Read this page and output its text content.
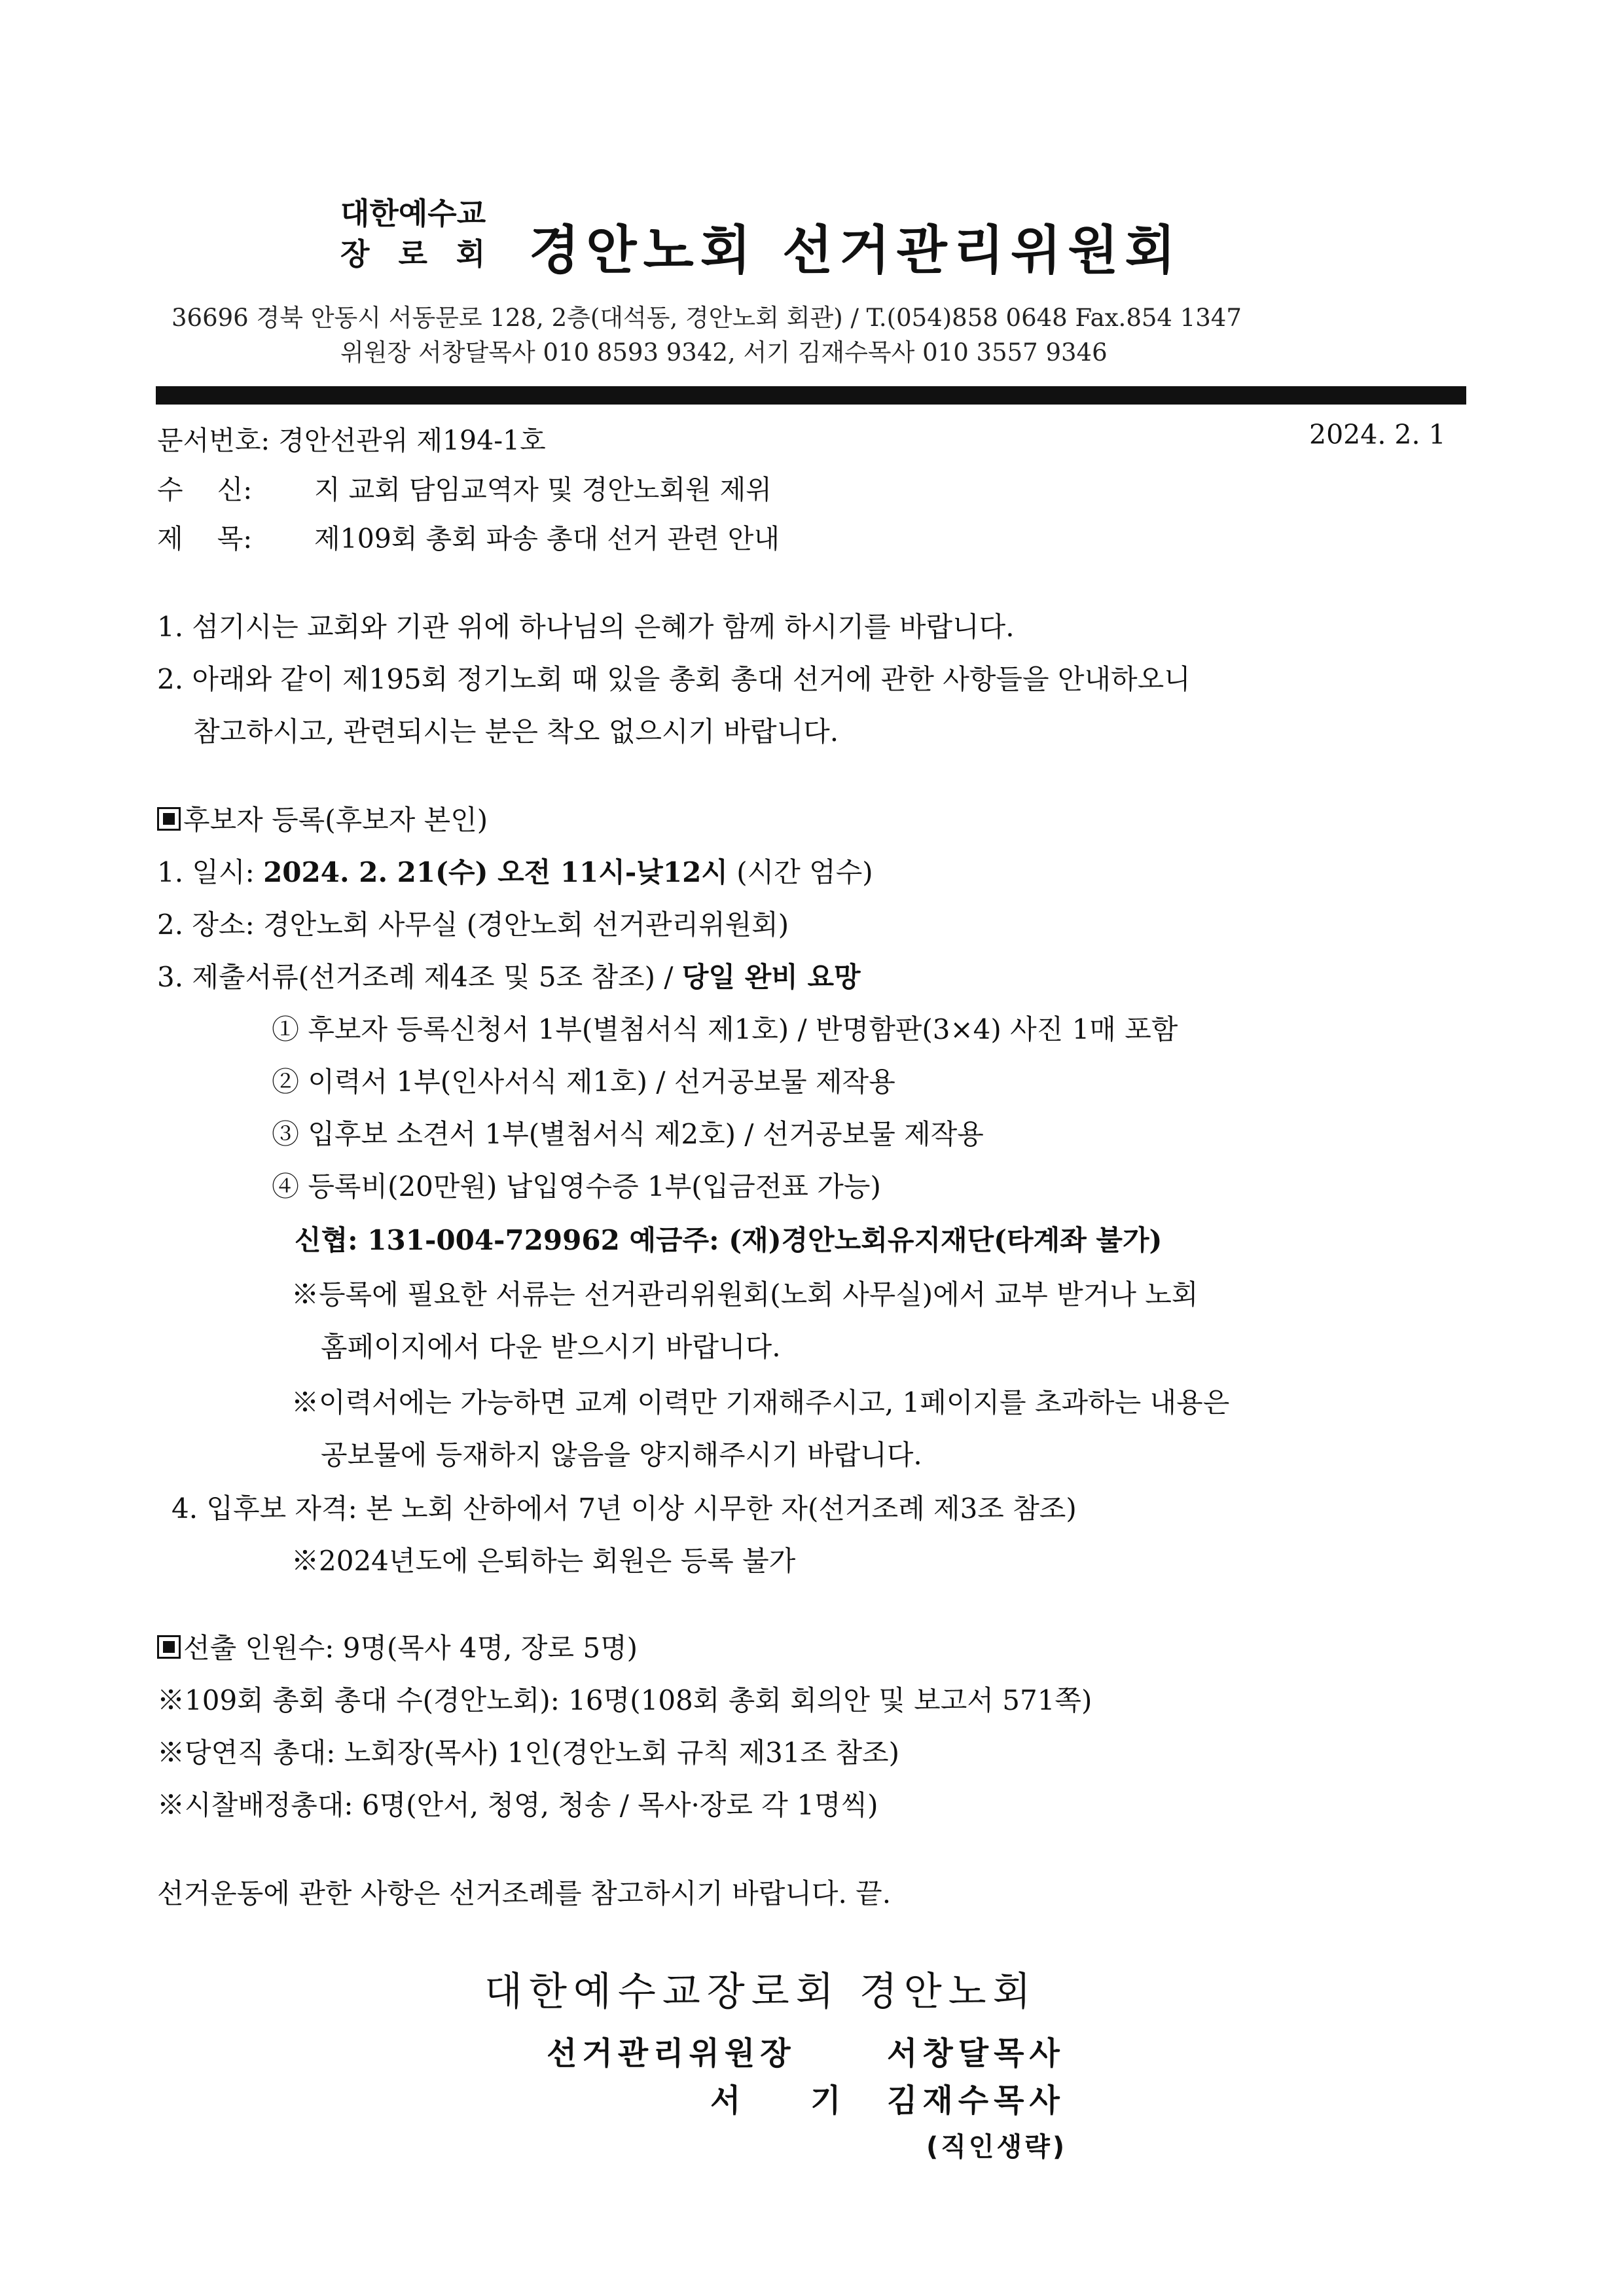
대한예수교
장 로 회 경안노회 선거관리위원회
36696 경북 안동시 서동문로 128, 2층(대석동, 경안노회 회관) / T.(054)858 0648 Fax.854 1347
위원장 서창달목사 010 8593 9342, 서기 김재수목사 010 3557 9346
문서번호: 경안선관위 제194-1호	2024. 2. 1
수    신: 지 교회 담임교역자 및 경안노회원 제위
제    목: 제109회 총회 파송 총대 선거 관련 안내
1. 섬기시는 교회와 기관 위에 하나님의 은혜가 함께 하시기를 바랍니다.
2. 아래와 같이 제195회 정기노회 때 있을 총회 총대 선거에 관한 사항들을 안내하오니
참고하시고, 관련되시는 분은 착오 없으시기 바랍니다.
후보자 등록(후보자 본인)
1. 일시: 2024. 2. 21(수) 오전 11시-낮12시 (시간 엄수)
2. 장소: 경안노회 사무실 (경안노회 선거관리위원회)
3. 제출서류(선거조례 제4조 및 5조 참조) / 당일 완비 요망
① 후보자 등록신청서 1부(별첨서식 제1호) / 반명함판(3×4) 사진 1매 포함
② 이력서 1부(인사서식 제1호) / 선거공보물 제작용
③ 입후보 소견서 1부(별첨서식 제2호) / 선거공보물 제작용
④ 등록비(20만원) 납입영수증 1부(입금전표 가능)
신협: 131-004-729962 예금주: (재)경안노회유지재단(타계좌 불가)
※등록에 필요한 서류는 선거관리위원회(노회 사무실)에서 교부 받거나 노회
홈페이지에서 다운 받으시기 바랍니다.
※이력서에는 가능하면 교계 이력만 기재해주시고, 1페이지를 초과하는 내용은
공보물에 등재하지 않음을 양지해주시기 바랍니다.
4. 입후보 자격: 본 노회 산하에서 7년 이상 시무한 자(선거조례 제3조 참조)
※2024년도에 은퇴하는 회원은 등록 불가
선출 인원수: 9명(목사 4명, 장로 5명)
※109회 총회 총대 수(경안노회): 16명(108회 총회 회의안 및 보고서 571쪽)
※당연직 총대: 노회장(목사) 1인(경안노회 규칙 제31조 참조)
※시찰배정총대: 6명(안서, 청영, 청송 / 목사·장로 각 1명씩)
선거운동에 관한 사항은 선거조례를 참고하시기 바랍니다. 끝.
대한예수교장로회 경안노회
선거관리위원장	서창달목사
서    기 김재수목사
(직인생략)
